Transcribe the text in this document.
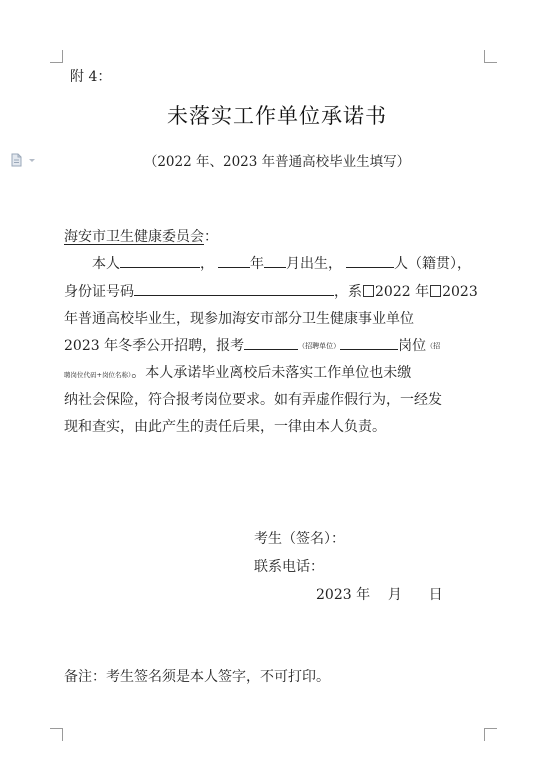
附 4：
未落实工作单位承诺书
（2022 年、2023 年普通高校毕业生填写）
海安市卫生健康委员会：
本人	，	年 月出生，	人（籍贯），
身份证号码	，系 2022 年 2023
年普通高校毕业生，现参加海安市部分卫生健康事业单位
2023 年冬季公开招聘，报考	（招聘单位）	岗位（招
聘岗位代码+岗位名称）。本人承诺毕业离校后未落实工作单位也未缴
纳社会保险，符合报考岗位要求。如有弄虚作假行为，一经发
现和查实，由此产生的责任后果，一律由本人负责。
考生（签名）：
联系电话：
2023 年    月      日
备注：考生签名须是本人签字，不可打印。
